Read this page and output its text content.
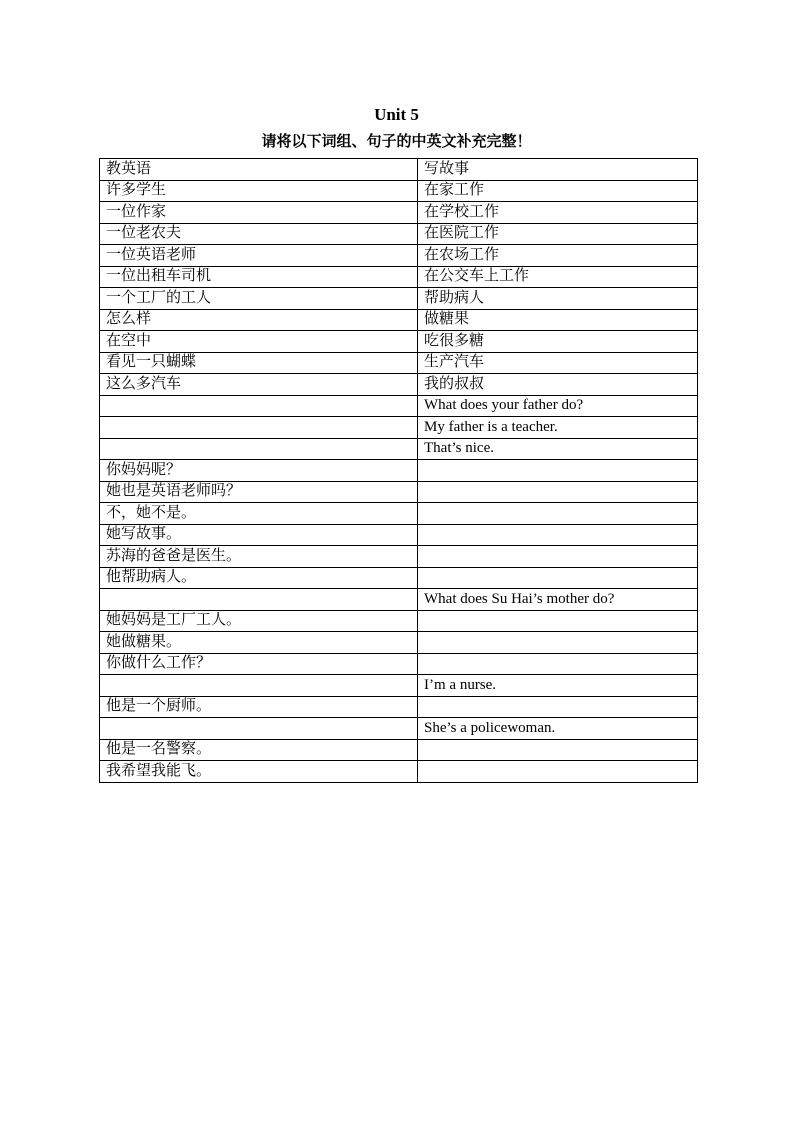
Unit 5
请将以下词组、句子的中英文补充完整！
教英语	写故事
许多学生	在家工作
一位作家	在学校工作
一位老农夫	在医院工作
一位英语老师	在农场工作
一位出租车司机	在公交车上工作
一个工厂的工人	帮助病人
怎么样	做糖果
在空中	吃很多糖
看见一只蝴蝶	生产汽车
这么多汽车	我的叔叔
	What does your father do?
	My father is a teacher.
	That’s nice.
你妈妈呢？	
她也是英语老师吗？	
不，她不是。	
她写故事。	
苏海的爸爸是医生。	
他帮助病人。	
	What does Su Hai’s mother do?
她妈妈是工厂工人。	
她做糖果。	
你做什么工作？	
	I’m a nurse.
他是一个厨师。	
	She’s a policewoman.
他是一名警察。	
我希望我能飞。	
